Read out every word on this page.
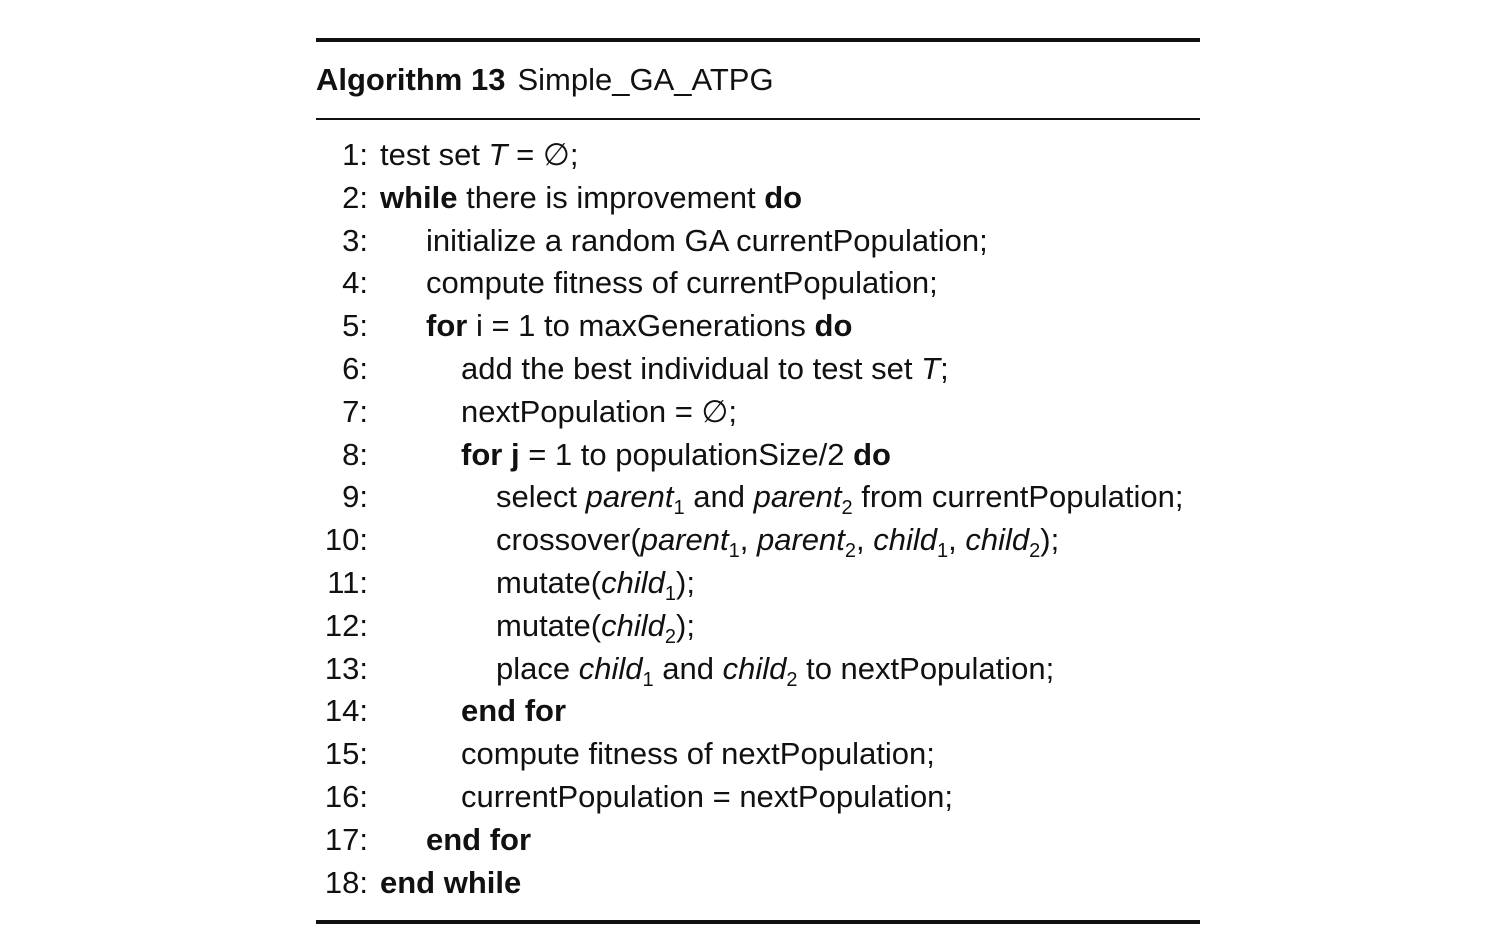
Algorithm 13 Simple_GA_ATPG
1: test set T = ∅;
2: while there is improvement do
3: initialize a random GA currentPopulation;
4: compute fitness of currentPopulation;
5: for i = 1 to maxGenerations do
6:	add the best individual to test set T;
7:	nextPopulation = ∅;
8:	for j = 1 to populationSize/2 do
9:	select parent$_1$ and parent$_2$ from currentPopulation;
10:	crossover(parent$_1$, parent$_2$, child$_1$, child$_2$);
11:	mutate(child$_1$);
12:	mutate(child$_2$);
13:	place child$_1$ and child$_2$ to nextPopulation;
14:	end for
15:	compute fitness of nextPopulation;
16:	currentPopulation = nextPopulation;
17: end for
18: end while
